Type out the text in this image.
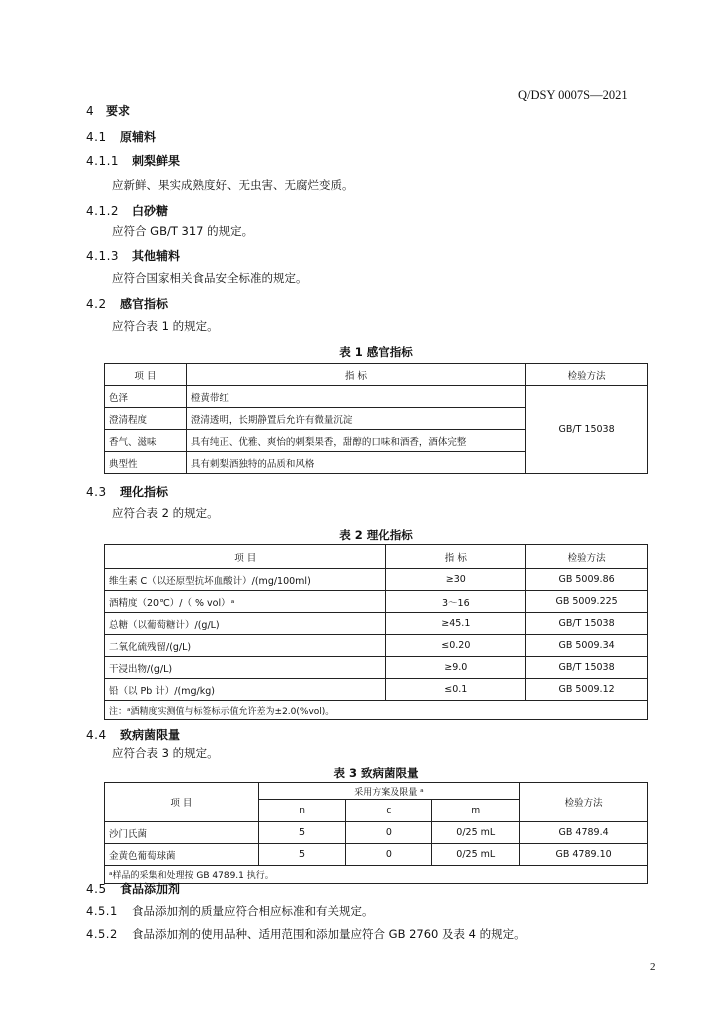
Q/DSY 0007S—2021
4 要求
4.1 原辅料
4.1.1 刺梨鲜果
应新鲜、果实成熟度好、无虫害、无腐烂变质。
4.1.2 白砂糖
应符合 GB/T 317 的规定。
4.1.3 其他辅料
应符合国家相关食品安全标准的规定。
4.2 感官指标
应符合表 1 的规定。
表 1 感官指标
项 目	指 标	检验方法
色泽	橙黄带红	GB/T 15038
澄清程度	澄清透明，长期静置后允许有微量沉淀	
香气、滋味	具有纯正、优雅、爽怡的刺梨果香，甜醇的口味和酒香，酒体完整	
典型性	具有刺梨酒独特的品质和风格	
4.3 理化指标
应符合表 2 的规定。
表 2 理化指标
项 目	指 标	检验方法
维生素 C（以还原型抗坏血酸计）/(mg/100ml)	≥30	GB 5009.86
酒精度（20℃）/（ % vol）ᵃ	3～16	GB 5009.225
总糖（以葡萄糖计）/(g/L)	≥45.1	GB/T 15038
二氧化硫残留/(g/L)	≤0.20	GB 5009.34
干浸出物/(g/L)	≥9.0	GB/T 15038
铅（以 Pb 计）/(mg/kg)	≤0.1	GB 5009.12
注：ᵃ酒精度实测值与标签标示值允许差为±2.0(%vol)。		
4.4 致病菌限量
应符合表 3 的规定。
表 3 致病菌限量
项 目	采用方案及限量 ᵃ			检验方法
	n	c	m	
沙门氏菌	5	0	0/25 mL	GB 4789.4
金黄色葡萄球菌	5	0	0/25 mL	GB 4789.10
ᵃ样品的采集和处理按 GB 4789.1 执行。				
4.5 食品添加剂
4.5.1 食品添加剂的质量应符合相应标准和有关规定。
4.5.2 食品添加剂的使用品种、适用范围和添加量应符合 GB 2760 及表 4 的规定。
2
